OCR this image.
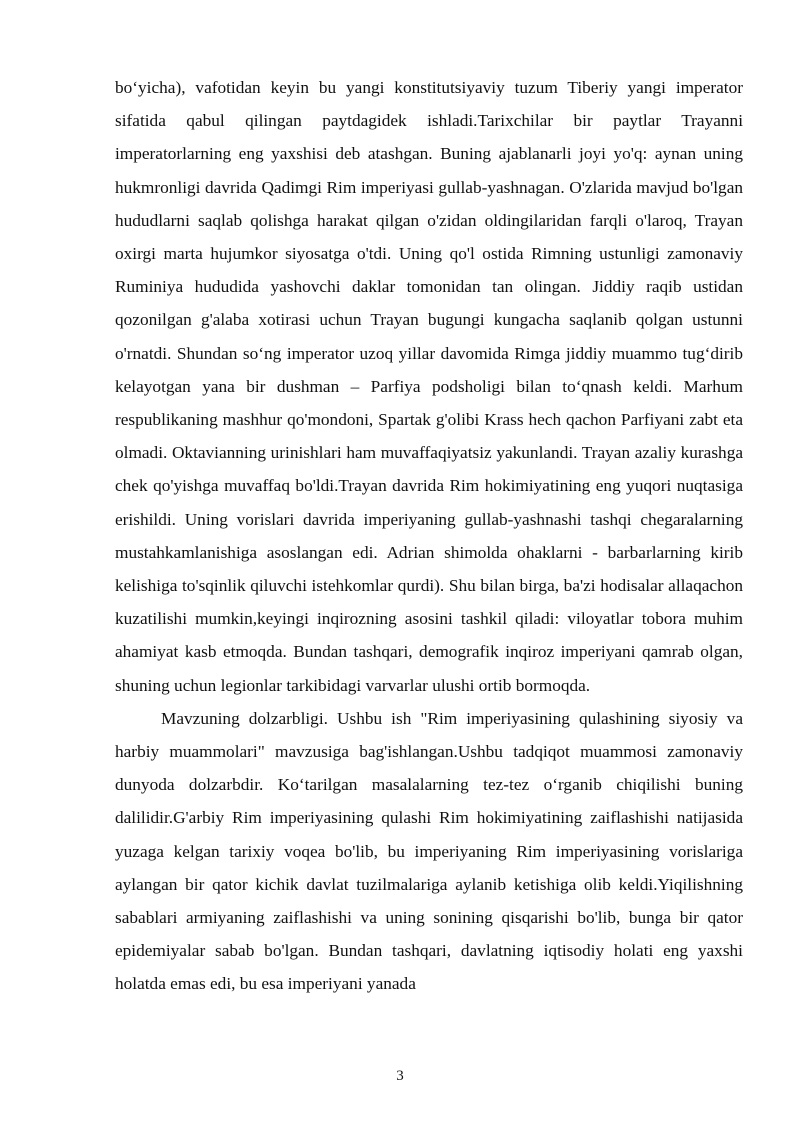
bo‘yicha), vafotidan keyin bu yangi konstitutsiyaviy tuzum Tiberiy yangi imperator sifatida qabul qilingan paytdagidek ishladi.Tarixchilar bir paytlar Trayanni imperatorlarning eng yaxshisi deb atashgan. Buning ajablanarli joyi yo'q: aynan uning hukmronligi davrida Qadimgi Rim imperiyasi gullab-yashnagan. O'zlarida mavjud bo'lgan hududlarni saqlab qolishga harakat qilgan o'zidan oldingilaridan farqli o'laroq, Trayan oxirgi marta hujumkor siyosatga o'tdi. Uning qo'l ostida Rimning ustunligi zamonaviy Ruminiya hududida yashovchi daklar tomonidan tan olingan. Jiddiy raqib ustidan qozonilgan g'alaba xotirasi uchun Trayan bugungi kungacha saqlanib qolgan ustunni o'rnatdi. Shundan so‘ng imperator uzoq yillar davomida Rimga jiddiy muammo tug‘dirib kelayotgan yana bir dushman – Parfiya podsholigi bilan to‘qnash keldi. Marhum respublikaning mashhur qo'mondoni, Spartak g'olibi Krass hech qachon Parfiyani zabt eta olmadi. Oktavianning urinishlari ham muvaffaqiyatsiz yakunlandi. Trayan azaliy kurashga chek qo'yishga muvaffaq bo'ldi.Trayan davrida Rim hokimiyatining eng yuqori nuqtasiga erishildi. Uning vorislari davrida imperiyaning gullab-yashnashi tashqi chegaralarning mustahkamlanishiga asoslangan edi. Adrian shimolda ohaklarni - barbarlarning kirib kelishiga to'sqinlik qiluvchi istehkomlar qurdi). Shu bilan birga, ba'zi hodisalar allaqachon kuzatilishi mumkin,keyingi inqirozning asosini tashkil qiladi: viloyatlar tobora muhim ahamiyat kasb etmoqda. Bundan tashqari, demografik inqiroz imperiyani qamrab olgan, shuning uchun legionlar tarkibidagi varvarlar ulushi ortib bormoqda.

Mavzuning dolzarbligi. Ushbu ish "Rim imperiyasining qulashining siyosiy va harbiy muammolari" mavzusiga bag'ishlangan.Ushbu tadqiqot muammosi zamonaviy dunyoda dolzarbdir. Ko‘tarilgan masalalarning tez-tez o‘rganib chiqilishi buning dalilidir.G'arbiy Rim imperiyasining qulashi Rim hokimiyatining zaiflashishi natijasida yuzaga kelgan tarixiy voqea bo'lib, bu imperiyaning Rim imperiyasining vorislariga aylangan bir qator kichik davlat tuzilmalariga aylanib ketishiga olib keldi.Yiqilishning sabablari armiyaning zaiflashishi va uning sonining qisqarishi bo'lib, bunga bir qator epidemiyalar sabab bo'lgan. Bundan tashqari, davlatning iqtisodiy holati eng yaxshi holatda emas edi, bu esa imperiyani yanada

3
